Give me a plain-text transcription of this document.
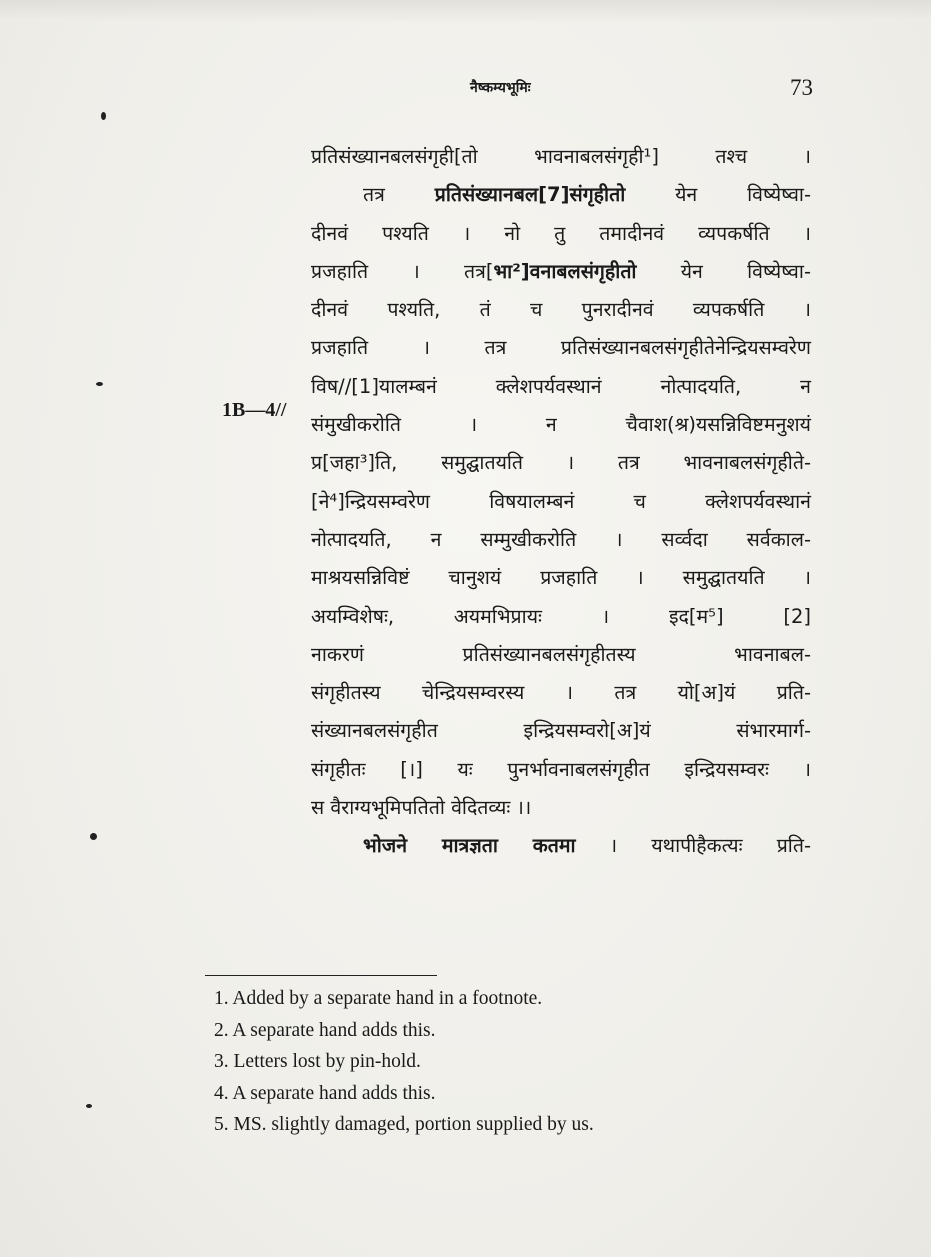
नैष्कम्यभूमिः	73
1B—4//
प्रतिसंख्यानबलसंगृही[तो भावनाबलसंगृही¹] तश्च ।
तत्र प्रतिसंख्यानबल[7]संगृहीतो येन विष्येष्वा-
दीनवं पश्यति । नो तु तमादीनवं व्यपकर्षति ।
प्रजहाति । तत्र[भा²]वनाबलसंगृहीतो येन विष्येष्वा-
दीनवं पश्यति, तं च पुनरादीनवं व्यपकर्षति ।
प्रजहाति । तत्र प्रतिसंख्यानबलसंगृहीतेनेन्द्रियसम्वरेण
विष//[1]यालम्बनं क्लेशपर्यवस्थानं नोत्पादयति, न
संमुखीकरोति । न चैवाश(श्र)यसन्निविष्टमनुशयं
प्र[जहा³]ति, समुद्घातयति । तत्र भावनाबलसंगृहीते-
[ने⁴]न्द्रियसम्वरेण विषयालम्बनं च क्लेशपर्यवस्थानं
नोत्पादयति, न सम्मुखीकरोति । सर्व्वदा सर्वकाल-
माश्रयसन्निविष्टं चानुशयं प्रजहाति । समुद्घातयति ।
अयम्विशेषः, अयमभिप्रायः । इद[म⁵] [2]
नाकरणं प्रतिसंख्यानबलसंगृहीतस्य भावनाबल-
संगृहीतस्य चेन्द्रियसम्वरस्य । तत्र यो[अ]यं प्रति-
संख्यानबलसंगृहीत इन्द्रियसम्वरो[अ]यं संभारमार्ग-
संगृहीतः [।] यः पुनर्भावनाबलसंगृहीत इन्द्रियसम्वरः ।
स वैराग्यभूमिपतितो वेदितव्यः ।।
भोजने मात्रज्ञता कतमा । यथापीहैकत्यः प्रति-
1. Added by a separate hand in a footnote.
2. A separate hand adds this.
3. Letters lost by pin-hold.
4. A separate hand adds this.
5. MS. slightly damaged, portion supplied by us.
